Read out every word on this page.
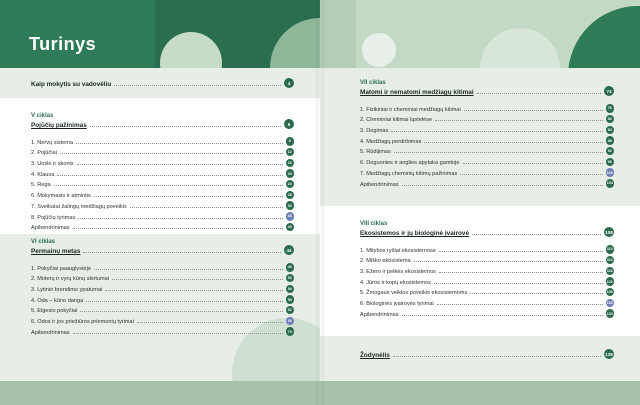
Turinys
Kaip mokytis su vadovėliu	4
V ciklas
Pojūčių pažinimas	6
1. Nervų sistema	8
2. Pojūčiai	12
3. Uoslė ir skonis	16
4. Klausa	20
5. Rega	24
6. Mokymasis ir atmintis	28
7. Sveikatai žalingų medžiagų poveikis	32
8. Pojūčių tyrimas	36
Apibendrinimas	40
VI ciklas
Permainų metas	44
1. Pokyčiai paauglystėje	46
2. Moterų ir vyrų kūnų skirtumai	50
3. Lytinio brendimo ypatumai	54
4. Oda – kūno danga	58
5. Elgesio pokyčiai	62
6. Odos ir jos priežiūros priemonių tyrimai	66
Apibendrinimas	70
VII ciklas
Matomi ir nematomi medžiagų kitimai	74
1. Fizikiniai ir cheminiai medžiagų kitimai	76
2. Cheminiai kitimai ląstelėse	80
3. Degimas	84
4. Medžiagų perdirbimas	88
5. Rūdijimas	92
6. Deguonies ir anglies apytaka gamtoje	96
7. Medžiagų cheminių kitimų pažinimas	100
Apibendrinimas	104
VIII ciklas
Ekosistemos ir jų biologinė įvairovė	108
1. Mitybos ryšiai ekosistemose	110
2. Miško ekosistema	114
3. Ežero ir pelkės ekosistemos	118
4. Jūros ir kopų ekosistemos	122
5. Žmogaus veiklos poveikis ekosistemoms	126
6. Biologinės įvairovės tyrimai	130
Apibendrinimas	134
Žodynėlis	138
